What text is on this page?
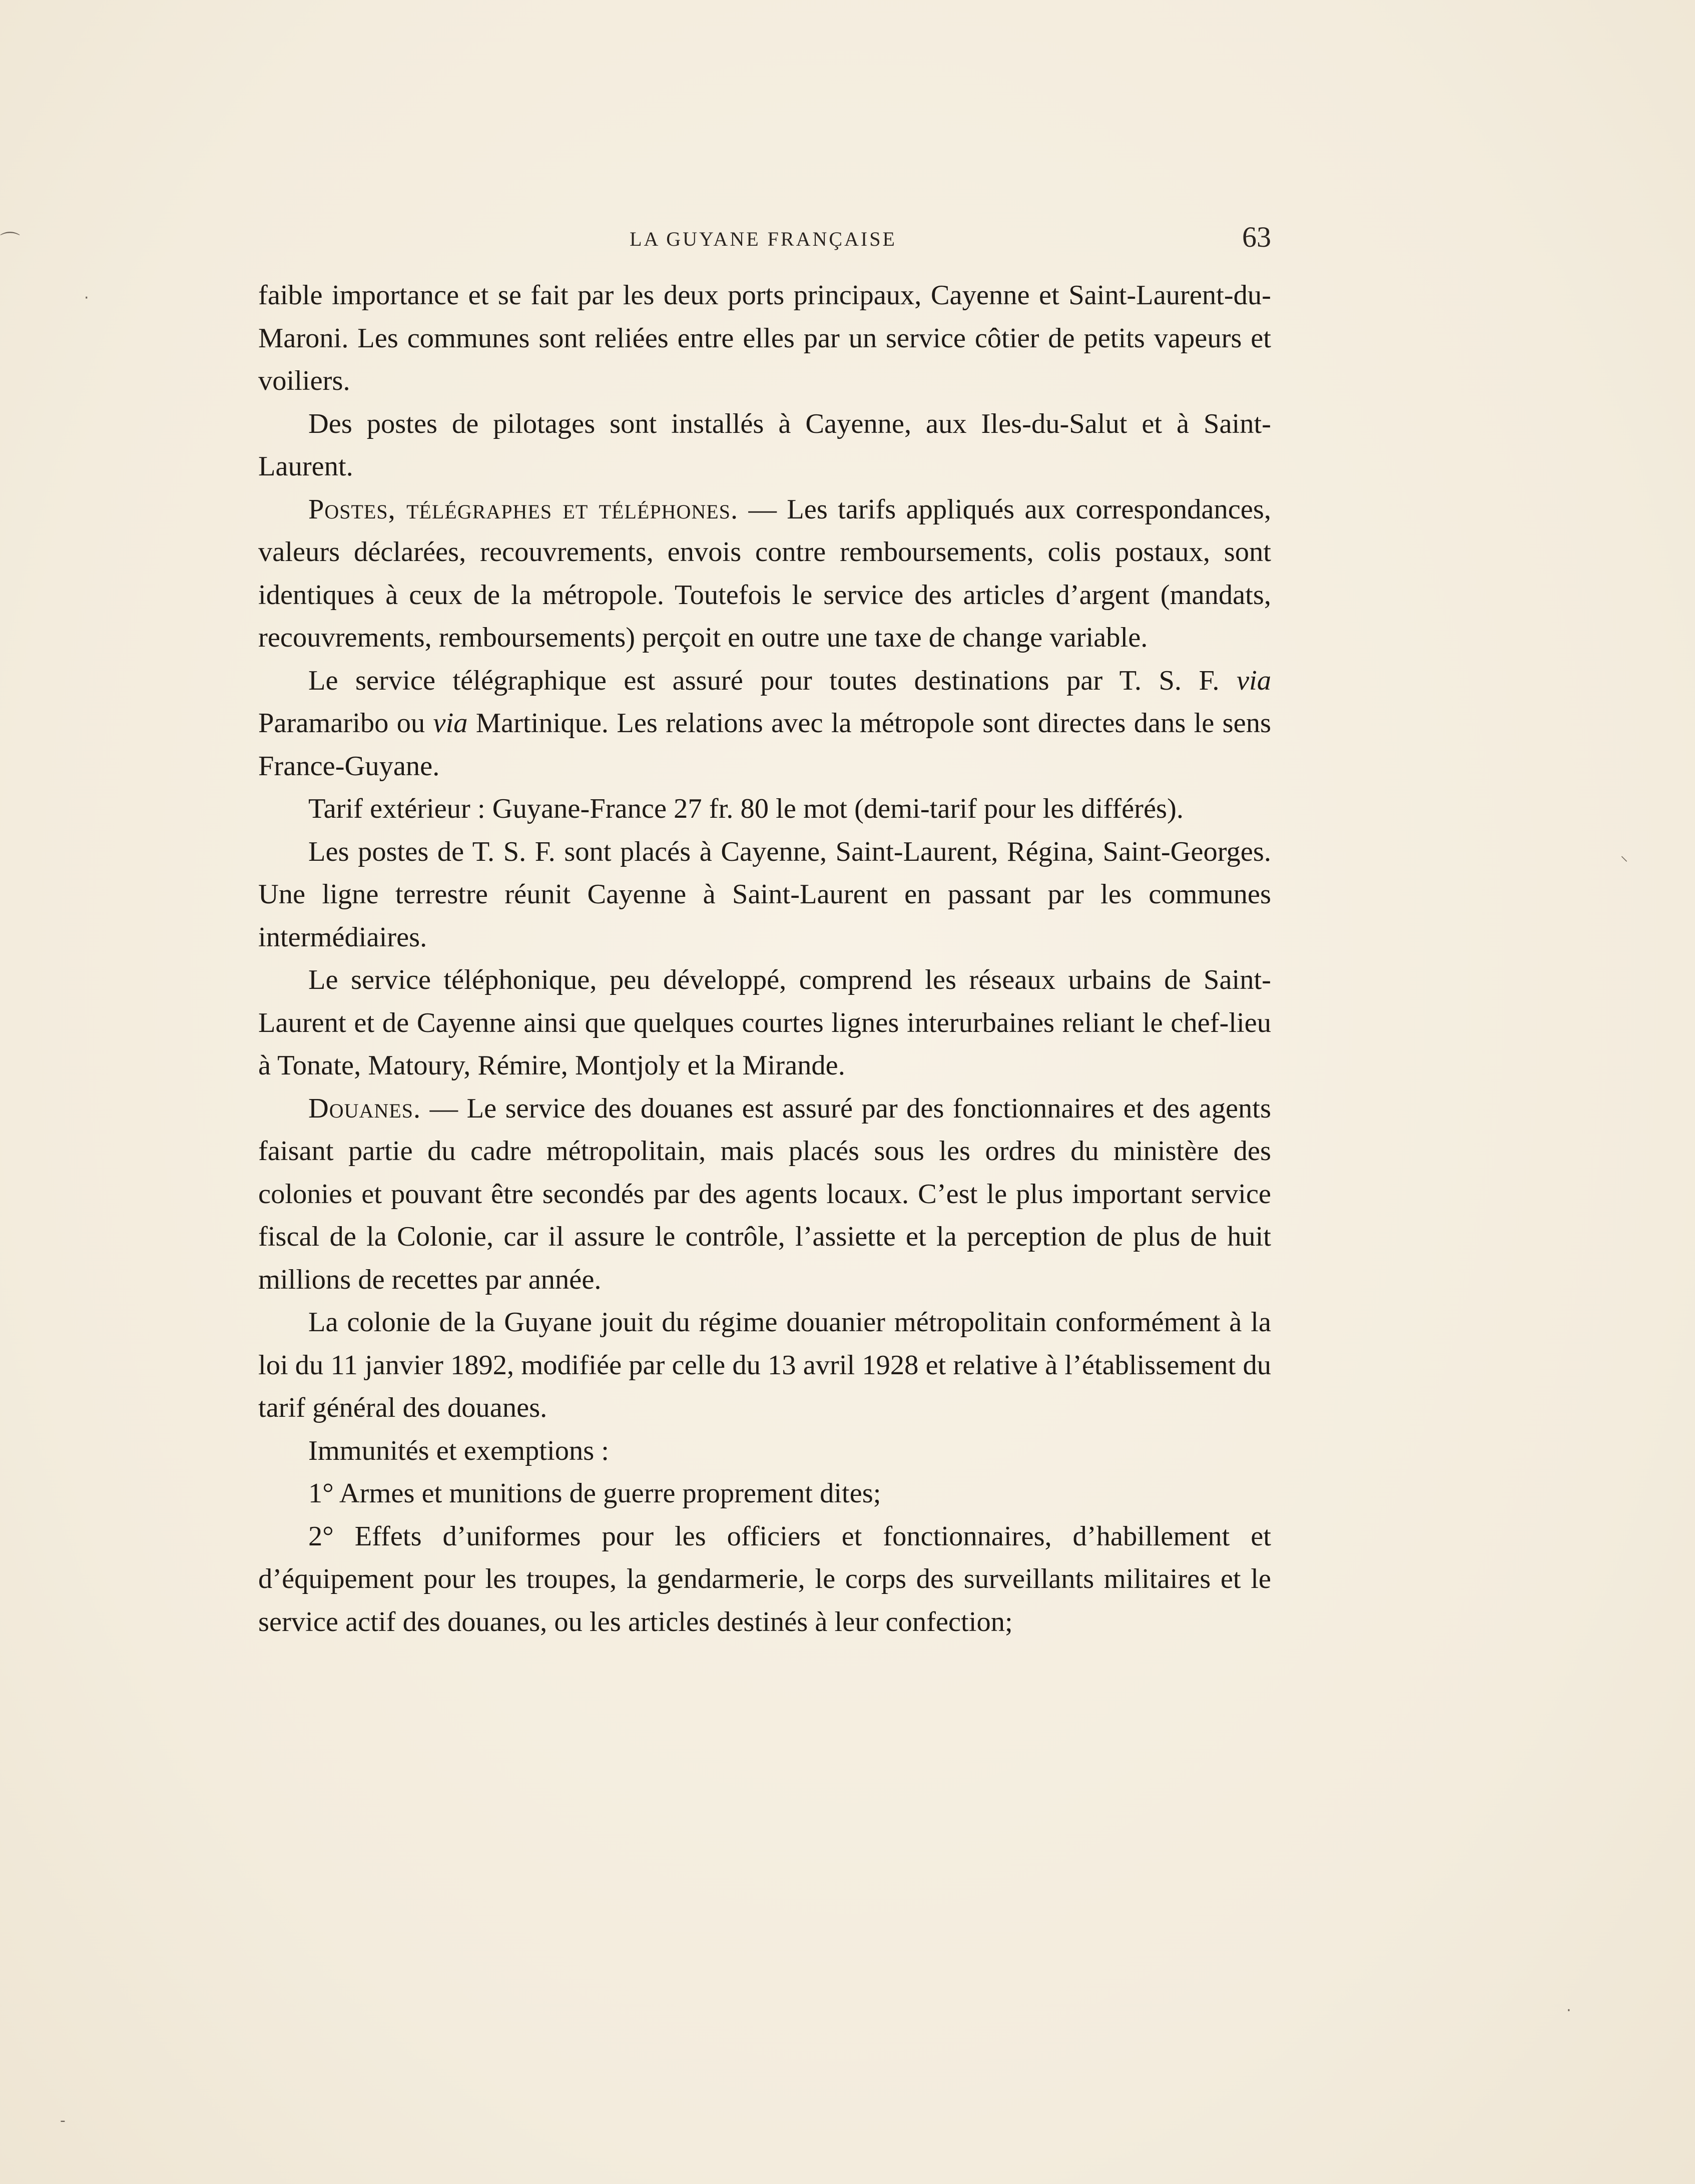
LA GUYANE FRANÇAISE	63

faible importance et se fait par les deux ports principaux, Cayenne et Saint-Laurent-du-Maroni. Les communes sont reliées entre elles par un service côtier de petits vapeurs et voiliers.

Des postes de pilotages sont installés à Cayenne, aux Iles-du-Salut et à Saint-Laurent.

Postes, télégraphes et téléphones. — Les tarifs appliqués aux correspondances, valeurs déclarées, recouvrements, envois contre remboursements, colis postaux, sont identiques à ceux de la métropole. Toutefois le service des articles d’argent (mandats, recouvrements, remboursements) perçoit en outre une taxe de change variable.

Le service télégraphique est assuré pour toutes destinations par T. S. F. via Paramaribo ou via Martinique. Les relations avec la métropole sont directes dans le sens France-Guyane.

Tarif extérieur : Guyane-France 27 fr. 80 le mot (demi-tarif pour les différés).

Les postes de T. S. F. sont placés à Cayenne, Saint-Laurent, Régina, Saint-Georges. Une ligne terrestre réunit Cayenne à Saint-Laurent en passant par les communes intermédiaires.

Le service téléphonique, peu développé, comprend les réseaux urbains de Saint-Laurent et de Cayenne ainsi que quelques courtes lignes interurbaines reliant le chef-lieu à Tonate, Matoury, Rémire, Montjoly et la Mirande.

Douanes. — Le service des douanes est assuré par des fonctionnaires et des agents faisant partie du cadre métropolitain, mais placés sous les ordres du ministère des colonies et pouvant être secondés par des agents locaux. C’est le plus important service fiscal de la Colonie, car il assure le contrôle, l’assiette et la perception de plus de huit millions de recettes par année.

La colonie de la Guyane jouit du régime douanier métropolitain conformément à la loi du 11 janvier 1892, modifiée par celle du 13 avril 1928 et relative à l’établissement du tarif général des douanes.

Immunités et exemptions :

1° Armes et munitions de guerre proprement dites;

2° Effets d’uniformes pour les officiers et fonctionnaires, d’habillement et d’équipement pour les troupes, la gendarmerie, le corps des surveillants militaires et le service actif des douanes, ou les articles destinés à leur confection;

⌒
·
⸌
·
‐
